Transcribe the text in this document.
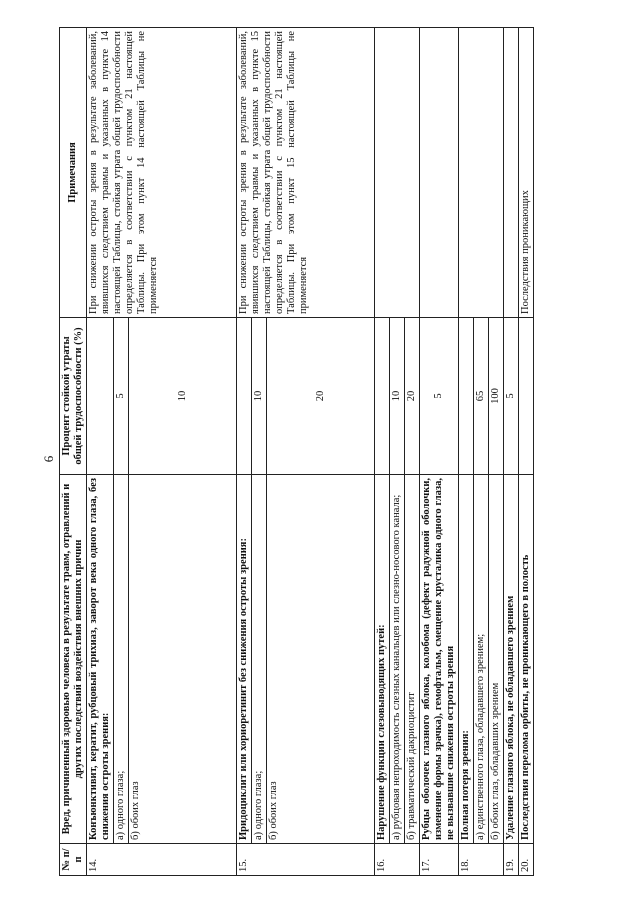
6
№ п/п	Вред, причиненный здоровью человека в результате травм, отравлений и других последствий воздействия внешних причин	Процент стойкой утраты общей трудоспособности (%)	Примечания
14.	Конъюнктивит, кератит, рубцовый трихиаз, заворот века одного глаза, без снижения остроты зрения:		При снижении остроты зрения в результате заболеваний, явившихся следствием травмы и указанных в пункте 14 настоящей Таблицы, стойкая утрата общей трудоспособности определяется в соответствии с пунктом 21 настоящей Таблицы. При этом пункт 14 настоящей Таблицы не применяется
	а) одного глаза;	5	
	б) обоих глаз	10	
15.	Иридоциклит или хориоретинит без снижения остроты зрения:		При снижении остроты зрения в результате заболеваний, явившихся следствием травмы и указанных в пункте 15 настоящей Таблицы, стойкая утрата общей трудоспособности определяется в соответствии с пунктом 21 настоящей Таблицы. При этом пункт 15 настоящей Таблицы не применяется
	а) одного глаза;	10	
	б) обоих глаз	20	
16.	Нарушение функции слезовыводящих путей:		
	а) рубцовая непроходимость слезных канальцев или слезно-носового канала;	10	
	б) травматический дакриоцистит	20	
17.	Рубцы оболочек глазного яблока, колобома (дефект радужной оболочки, изменение формы зрачка), гемофтальм, смещение хрусталика одного глаза, не вызвавшие снижения остроты зрения	5	
18.	Полная потеря зрения:		
	а) единственного глаза, обладавшего зрением;	65	
	б) обоих глаз, обладавших зрением	100	
19.	Удаление глазного яблока, не обладавшего зрением	5	
20.	Последствия перелома орбиты, не проникающего в полость		Последствия проникающих
